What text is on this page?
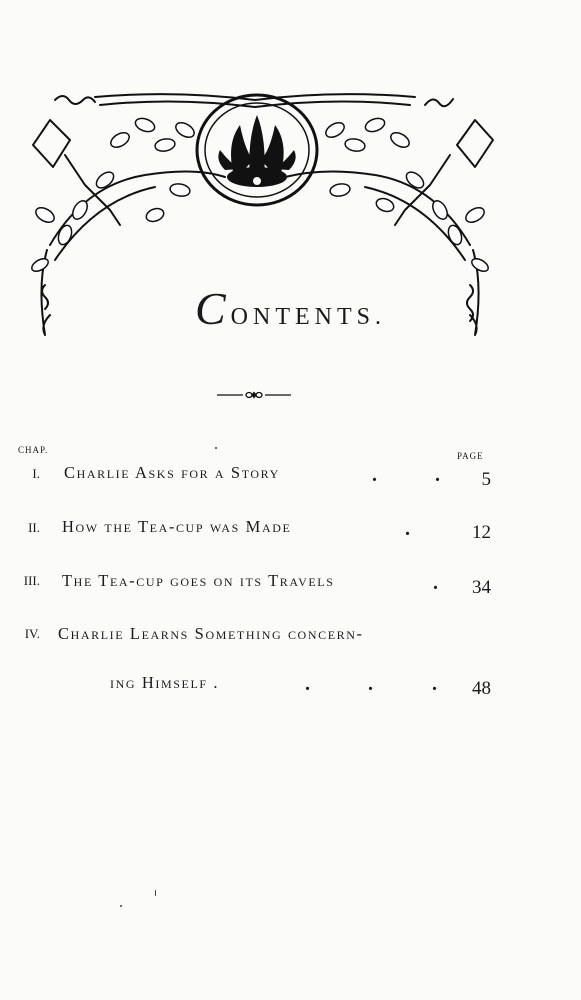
CONTENTS.
CHAP.
PAGE
I. Charlie Asks for a Story	.	.	5
II. How the Tea-cup was Made	.	12
III. The Tea-cup goes on its Travels	.	34
IV. Charlie Learns Something concern-
ing Himself .	.	.	.	48
